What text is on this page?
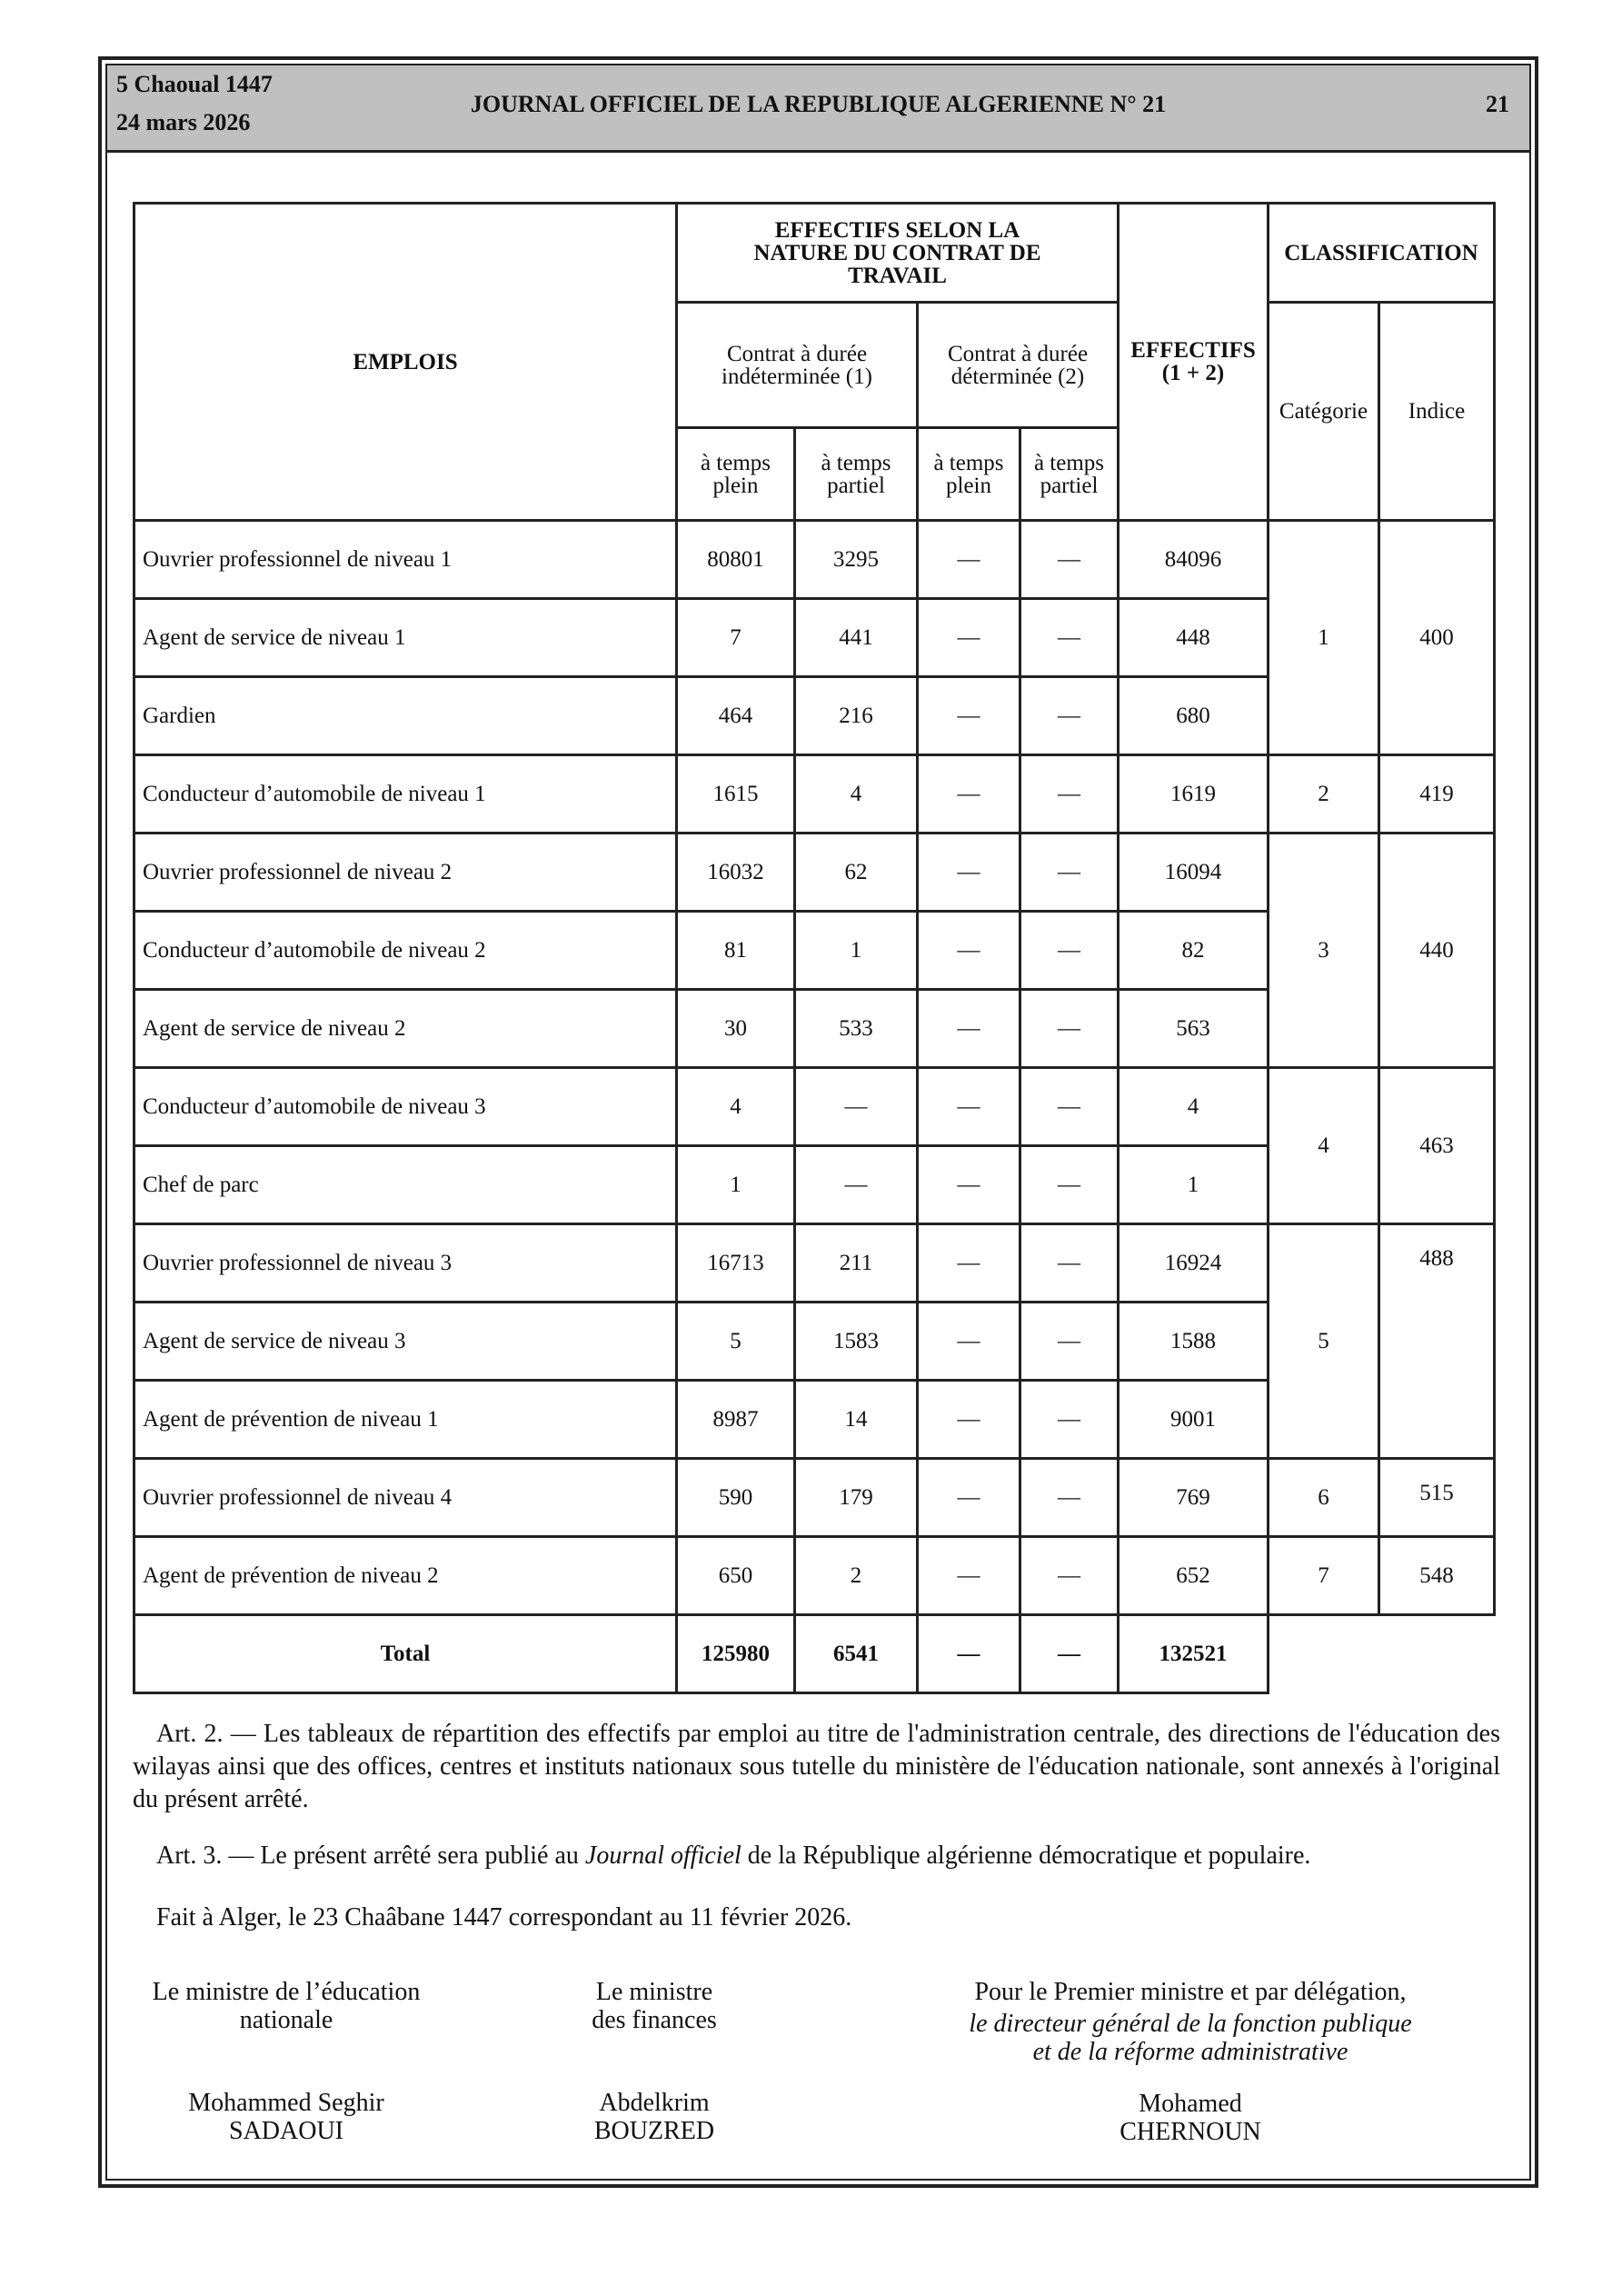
5 Chaoual 1447
24 mars 2026
JOURNAL OFFICIEL DE LA REPUBLIQUE ALGERIENNE N° 21	21
EMPLOIS	EFFECTIFS SELON LA NATURE DU CONTRAT DE TRAVAIL				EFFECTIFS (1 + 2)	CLASSIFICATION	
	Contrat à durée indéterminée (1)		Contrat à durée déterminée (2)			Catégorie	Indice
	à temps plein	à temps partiel	à temps plein	à temps partiel			
Ouvrier professionnel de niveau 1	80801	3295	—	—	84096	1	400
Agent de service de niveau 1	7	441	—	—	448		
Gardien	464	216	—	—	680		
Conducteur d’automobile de niveau 1	1615	4	—	—	1619	2	419
Ouvrier professionnel de niveau 2	16032	62	—	—	16094	3	440
Conducteur d’automobile de niveau 2	81	1	—	—	82		
Agent de service de niveau 2	30	533	—	—	563		
Conducteur d’automobile de niveau 3	4	—	—	—	4	4	463
Chef de parc	1	—	—	—	1		
Ouvrier professionnel de niveau 3	16713	211	—	—	16924	5	488
Agent de service de niveau 3	5	1583	—	—	1588		
Agent de prévention de niveau 1	8987	14	—	—	9001		
Ouvrier professionnel de niveau 4	590	179	—	—	769	6	515
Agent de prévention de niveau 2	650	2	—	—	652	7	548
Total	125980	6541	—	—	132521		
Art. 2. — Les tableaux de répartition des effectifs par emploi au titre de l'administration centrale, des directions de l'éducation des wilayas ainsi que des offices, centres et instituts nationaux sous tutelle du ministère de l'éducation nationale, sont annexés à l'original du présent arrêté.
Art. 3. — Le présent arrêté sera publié au Journal officiel de la République algérienne démocratique et populaire.
Fait à Alger, le 23 Chaâbane 1447 correspondant au 11 février 2026.
Le ministre de l’éducation
nationale
Mohammed Seghir
SADAOUI
Le ministre
des finances
Abdelkrim
BOUZRED
Pour le Premier ministre et par délégation,
le directeur général de la fonction publique
et de la réforme administrative
Mohamed
CHERNOUN
